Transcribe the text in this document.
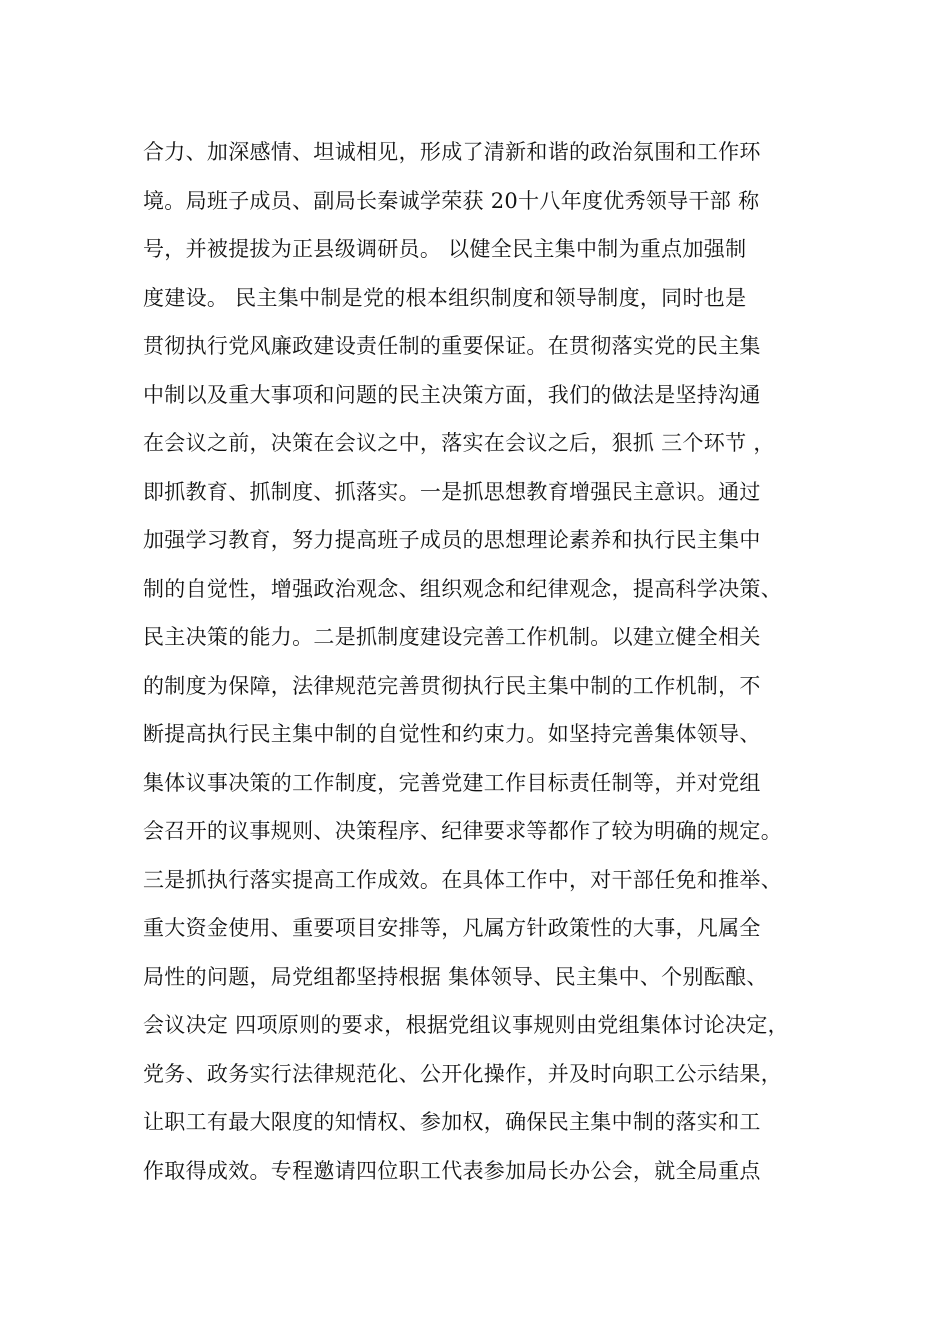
合力、加深感情、坦诚相见，形成了清新和谐的政治氛围和工作环
境。局班子成员、副局长秦诚学荣获 20十八年度优秀领导干部 称
号，并被提拔为正县级调研员。 以健全民主集中制为重点加强制
度建设。 民主集中制是党的根本组织制度和领导制度，同时也是
贯彻执行党风廉政建设责任制的重要保证。在贯彻落实党的民主集
中制以及重大事项和问题的民主决策方面，我们的做法是坚持沟通
在会议之前，决策在会议之中，落实在会议之后，狠抓 三个环节 ，
即抓教育、抓制度、抓落实。一是抓思想教育增强民主意识。通过
加强学习教育，努力提高班子成员的思想理论素养和执行民主集中
制的自觉性，增强政治观念、组织观念和纪律观念，提高科学决策、
民主决策的能力。二是抓制度建设完善工作机制。以建立健全相关
的制度为保障，法律规范完善贯彻执行民主集中制的工作机制，不
断提高执行民主集中制的自觉性和约束力。如坚持完善集体领导、
集体议事决策的工作制度，完善党建工作目标责任制等，并对党组
会召开的议事规则、决策程序、纪律要求等都作了较为明确的规定。
三是抓执行落实提高工作成效。在具体工作中，对干部任免和推举、
重大资金使用、重要项目安排等，凡属方针政策性的大事，凡属全
局性的问题，局党组都坚持根据 集体领导、民主集中、个别酝酿、
会议决定 四项原则的要求，根据党组议事规则由党组集体讨论决定，
党务、政务实行法律规范化、公开化操作，并及时向职工公示结果，
让职工有最大限度的知情权、参加权，确保民主集中制的落实和工
作取得成效。专程邀请四位职工代表参加局长办公会，就全局重点
